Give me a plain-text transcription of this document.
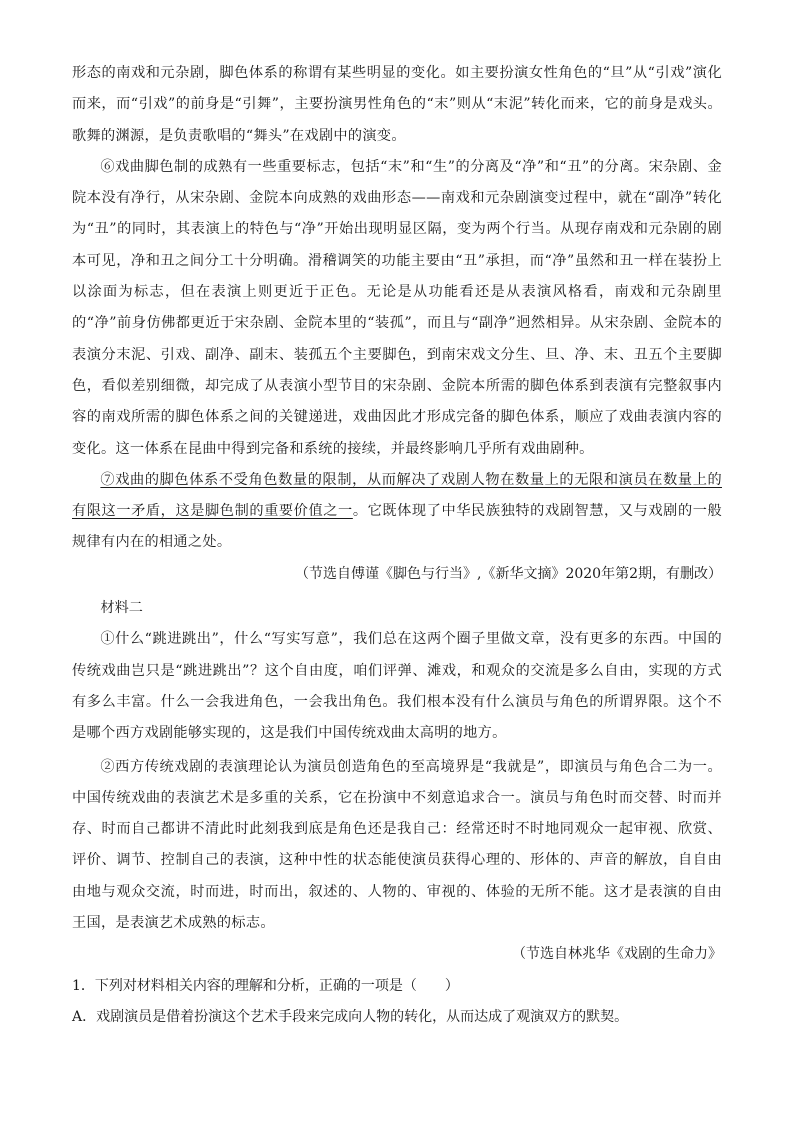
形态的南戏和元杂剧，脚色体系的称谓有某些明显的变化。如主要扮演女性角色的“旦”从“引戏”演化而来，而“引戏”的前身是“引舞”，主要扮演男性角色的“末”则从“末泥”转化而来，它的前身是戏头。歌舞的渊源，是负责歌唱的“舞头”在戏剧中的演变。

⑥戏曲脚色制的成熟有一些重要标志，包括“末”和“生”的分离及“净”和“丑”的分离。宋杂剧、金院本没有净行，从宋杂剧、金院本向成熟的戏曲形态——南戏和元杂剧演变过程中，就在“副净”转化为“丑”的同时，其表演上的特色与“净”开始出现明显区隔，变为两个行当。从现存南戏和元杂剧的剧本可见，净和丑之间分工十分明确。滑稽调笑的功能主要由“丑”承担，而“净”虽然和丑一样在装扮上以涂面为标志，但在表演上则更近于正色。无论是从功能看还是从表演风格看，南戏和元杂剧里的“净”前身仿佛都更近于宋杂剧、金院本里的“装孤”，而且与“副净”迥然相异。从宋杂剧、金院本的表演分末泥、引戏、副净、副末、装孤五个主要脚色，到南宋戏文分生、旦、净、末、丑五个主要脚色，看似差别细微，却完成了从表演小型节目的宋杂剧、金院本所需的脚色体系到表演有完整叙事内容的南戏所需的脚色体系之间的关键递进，戏曲因此才形成完备的脚色体系，顺应了戏曲表演内容的变化。这一体系在昆曲中得到完备和系统的接续，并最终影响几乎所有戏曲剧种。

⑦戏曲的脚色体系不受角色数量的限制，从而解决了戏剧人物在数量上的无限和演员在数量上的有限这一矛盾，这是脚色制的重要价值之一。它既体现了中华民族独特的戏剧智慧，又与戏剧的一般规律有内在的相通之处。

（节选自傅谨《脚色与行当》,《新华文摘》2020年第2期，有删改）

材料二

①什么“跳进跳出”，什么“写实写意”，我们总在这两个圈子里做文章，没有更多的东西。中国的传统戏曲岂只是“跳进跳出”？这个自由度，咱们评弹、滩戏，和观众的交流是多么自由，实现的方式有多么丰富。什么一会我进角色，一会我出角色。我们根本没有什么演员与角色的所谓界限。这个不是哪个西方戏剧能够实现的，这是我们中国传统戏曲太高明的地方。

②西方传统戏剧的表演理论认为演员创造角色的至高境界是“我就是”，即演员与角色合二为一。中国传统戏曲的表演艺术是多重的关系，它在扮演中不刻意追求合一。演员与角色时而交替、时而并存、时而自己都讲不清此时此刻我到底是角色还是我自己：经常还时不时地同观众一起审视、欣赏、评价、调节、控制自己的表演，这种中性的状态能使演员获得心理的、形体的、声音的解放，自自由由地与观众交流，时而进，时而出，叙述的、人物的、审视的、体验的无所不能。这才是表演的自由王国，是表演艺术成熟的标志。

（节选自林兆华《戏剧的生命力》

1．下列对材料相关内容的理解和分析，正确的一项是（　　）

A．戏剧演员是借着扮演这个艺术手段来完成向人物的转化，从而达成了观演双方的默契。
